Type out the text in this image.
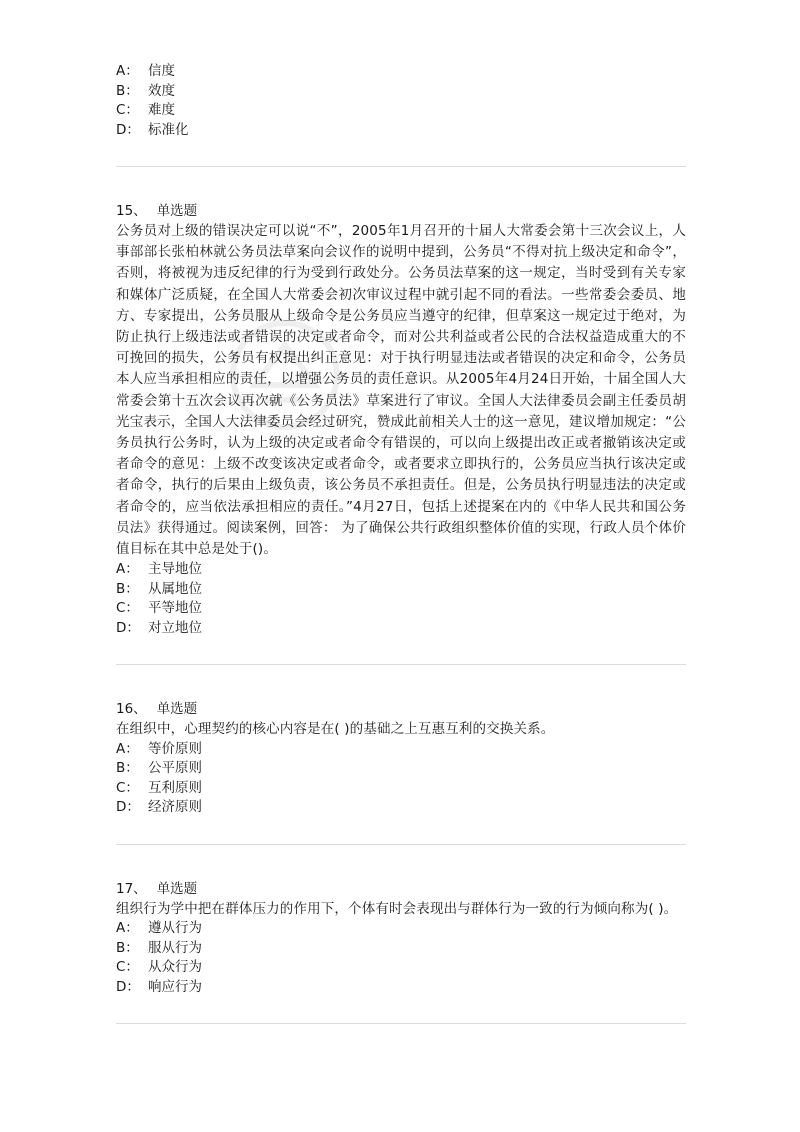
A： 信度
B： 效度
C： 难度
D： 标准化
15、 单选题
公务员对上级的错误决定可以说“不”，2005年1月召开的十届人大常委会第十三次会议上，人事部部长张柏林就公务员法草案向会议作的说明中提到，公务员“不得对抗上级决定和命令”，否则，将被视为违反纪律的行为受到行政处分。公务员法草案的这一规定，当时受到有关专家和媒体广泛质疑，在全国人大常委会初次审议过程中就引起不同的看法。一些常委会委员、地方、专家提出，公务员服从上级命令是公务员应当遵守的纪律，但草案这一规定过于绝对，为防止执行上级违法或者错误的决定或者命令，而对公共利益或者公民的合法权益造成重大的不可挽回的损失，公务员有权提出纠正意见：对于执行明显违法或者错误的决定和命令，公务员本人应当承担相应的责任，以增强公务员的责任意识。从2005年4月24日开始，十届全国人大常委会第十五次会议再次就《公务员法》草案进行了审议。全国人大法律委员会副主任委员胡光宝表示，全国人大法律委员会经过研究，赞成此前相关人士的这一意见，建议增加规定：“公务员执行公务时，认为上级的决定或者命令有错误的，可以向上级提出改正或者撤销该决定或者命令的意见：上级不改变该决定或者命令，或者要求立即执行的，公务员应当执行该决定或者命令，执行的后果由上级负责，该公务员不承担责任。但是，公务员执行明显违法的决定或者命令的，应当依法承担相应的责任。”4月27日，包括上述提案在内的《中华人民共和国公务员法》获得通过。阅读案例，回答： 为了确保公共行政组织整体价值的实现，行政人员个体价值目标在其中总是处于()。
A： 主导地位
B： 从属地位
C： 平等地位
D： 对立地位
16、 单选题
在组织中，心理契约的核心内容是在( )的基础之上互惠互利的交换关系。
A： 等价原则
B： 公平原则
C： 互利原则
D： 经济原则
17、 单选题
组织行为学中把在群体压力的作用下，个体有时会表现出与群体行为一致的行为倾向称为( )。
A： 遵从行为
B： 服从行为
C： 从众行为
D： 响应行为
